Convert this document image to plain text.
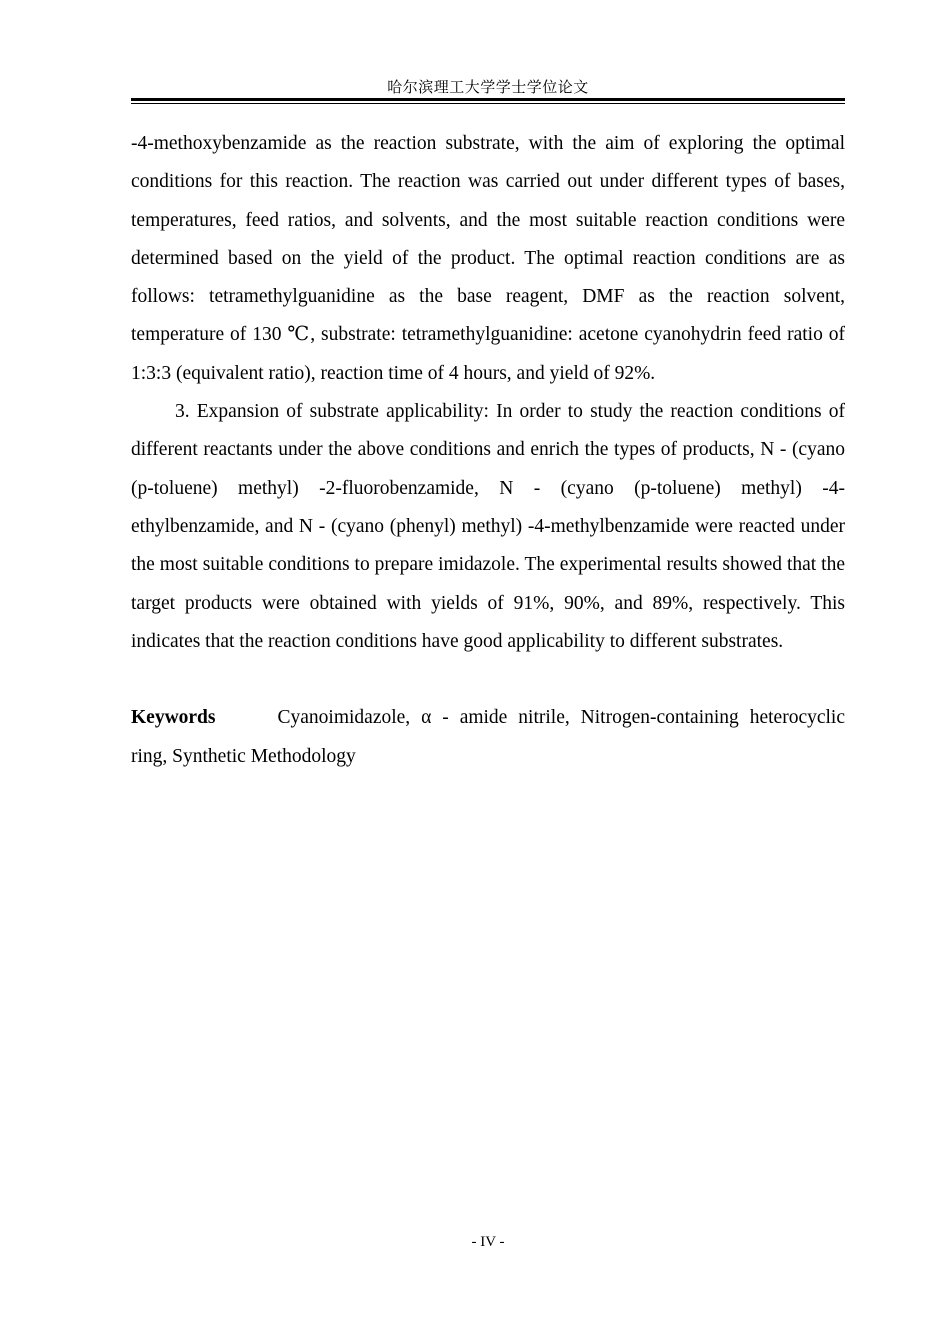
哈尔滨理工大学学士学位论文

-4-methoxybenzamide as the reaction substrate, with the aim of exploring the optimal conditions for this reaction. The reaction was carried out under different types of bases, temperatures, feed ratios, and solvents, and the most suitable reaction conditions were determined based on the yield of the product. The optimal reaction conditions are as follows: tetramethylguanidine as the base reagent, DMF as the reaction solvent, temperature of 130 ℃, substrate: tetramethylguanidine: acetone cyanohydrin feed ratio of 1:3:3 (equivalent ratio), reaction time of 4 hours, and yield of 92%.

3. Expansion of substrate applicability: In order to study the reaction conditions of different reactants under the above conditions and enrich the types of products, N - (cyano (p-toluene) methyl) -2-fluorobenzamide, N - (cyano (p-toluene) methyl) -4-ethylbenzamide, and N - (cyano (phenyl) methyl) -4-methylbenzamide were reacted under the most suitable conditions to prepare imidazole. The experimental results showed that the target products were obtained with yields of 91%, 90%, and 89%, respectively. This indicates that the reaction conditions have good applicability to different substrates.

Keywords	Cyanoimidazole, α - amide nitrile, Nitrogen-containing heterocyclic ring, Synthetic Methodology

- IV -
